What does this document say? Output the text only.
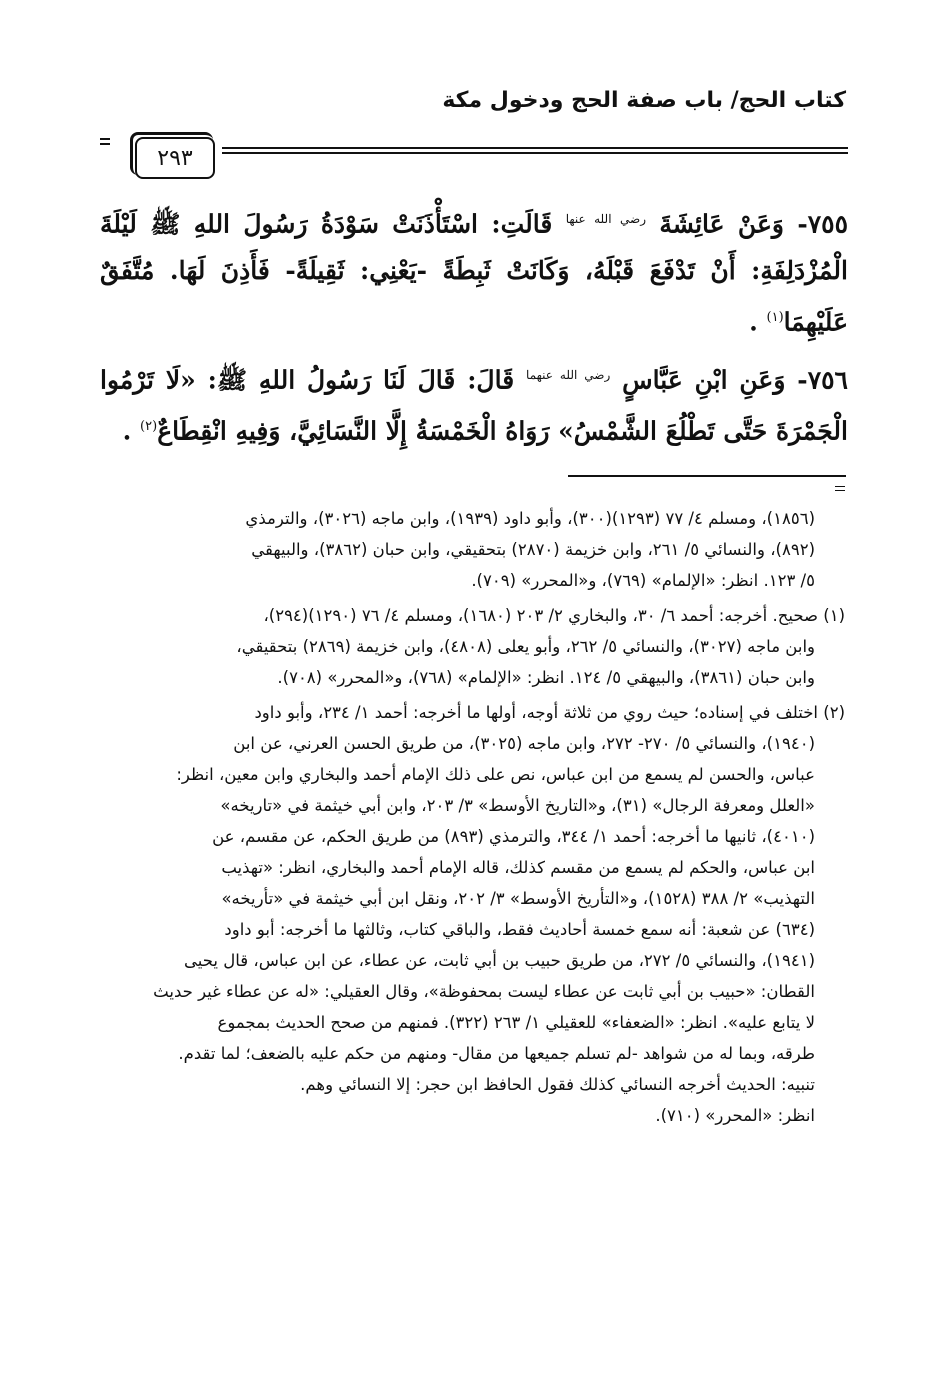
كتاب الحج/ باب صفة الحج ودخول مكة
٢٩٣
٧٥٥- وَعَنْ عَائِشَةَ $^{رضي الله عنها}$ قَالَتِ: اسْتَأْذَنَتْ سَوْدَةُ رَسُولَ اللهِ ﷺ لَيْلَةَ الْمُزْدَلِفَةِ: أَنْ تَدْفَعَ قَبْلَهُ، وَكَانَتْ ثَبِطَةً -يَعْنِي: ثَقِيلَةً- فَأَذِنَ لَهَا. مُتَّفَقٌ عَلَيْهِمَا$^{(١)}$ .
٧٥٦- وَعَنِ ابْنِ عَبَّاسٍ $^{رضي الله عنهما}$ قَالَ: قَالَ لَنَا رَسُولُ اللهِ ﷺ: «لَا تَرْمُوا الْجَمْرَةَ حَتَّى تَطْلُعَ الشَّمْسُ» رَوَاهُ الْخَمْسَةُ إِلَّا النَّسَائِيَّ، وَفِيهِ انْقِطَاعٌ$^{(٢)}$ .
(١٨٥٦)، ومسلم ٤/ ٧٧ (١٢٩٣)(٣٠٠)، وأبو داود (١٩٣٩)، وابن ماجه (٣٠٢٦)، والترمذي
(٨٩٢)، والنسائي ٥/ ٢٦١، وابن خزيمة (٢٨٧٠) بتحقيقي، وابن حبان (٣٨٦٢)، والبيهقي
٥/ ١٢٣. انظر: «الإلمام» (٧٦٩)، و«المحرر» (٧٠٩).
(١) صحيح. أخرجه: أحمد ٦/ ٣٠، والبخاري ٢/ ٢٠٣ (١٦٨٠)، ومسلم ٤/ ٧٦ (١٢٩٠)(٢٩٤)،
وابن ماجه (٣٠٢٧)، والنسائي ٥/ ٢٦٢، وأبو يعلى (٤٨٠٨)، وابن خزيمة (٢٨٦٩) بتحقيقي،
وابن حبان (٣٨٦١)، والبيهقي ٥/ ١٢٤. انظر: «الإلمام» (٧٦٨)، و«المحرر» (٧٠٨).
(٢) اختلف في إسناده؛ حيث روي من ثلاثة أوجه، أولها ما أخرجه: أحمد ١/ ٢٣٤، وأبو داود
(١٩٤٠)، والنسائي ٥/ ٢٧٠- ٢٧٢، وابن ماجه (٣٠٢٥)، من طريق الحسن العرني، عن ابن
عباس، والحسن لم يسمع من ابن عباس، نص على ذلك الإمام أحمد والبخاري وابن معين، انظر:
«العلل ومعرفة الرجال» (٣١)، و«التاريخ الأوسط» ٣/ ٢٠٣، وابن أبي خيثمة في «تاريخه»
(٤٠١٠)، ثانيها ما أخرجه: أحمد ١/ ٣٤٤، والترمذي (٨٩٣) من طريق الحكم، عن مقسم، عن
ابن عباس، والحكم لم يسمع من مقسم كذلك، قاله الإمام أحمد والبخاري، انظر: «تهذيب
التهذيب» ٢/ ٣٨٨ (١٥٢٨)، و«التأريخ الأوسط» ٣/ ٢٠٢، ونقل ابن أبي خيثمة في «تأريخه»
(٦٣٤) عن شعبة: أنه سمع خمسة أحاديث فقط، والباقي كتاب، وثالثها ما أخرجه: أبو داود
(١٩٤١)، والنسائي ٥/ ٢٧٢، من طريق حبيب بن أبي ثابت، عن عطاء، عن ابن عباس، قال يحيى
القطان: «حبيب بن أبي ثابت عن عطاء ليست بمحفوظة»، وقال العقيلي: «له عن عطاء غير حديث
لا يتابع عليه». انظر: «الضعفاء» للعقيلي ١/ ٢٦٣ (٣٢٢). فمنهم من صحح الحديث بمجموع
طرقه، وبما له من شواهد -لم تسلم جميعها من مقال- ومنهم من حكم عليه بالضعف؛ لما تقدم.
تنبيه: الحديث أخرجه النسائي كذلك فقول الحافظ ابن حجر: إلا النسائي وهم.
انظر: «المحرر» (٧١٠).
